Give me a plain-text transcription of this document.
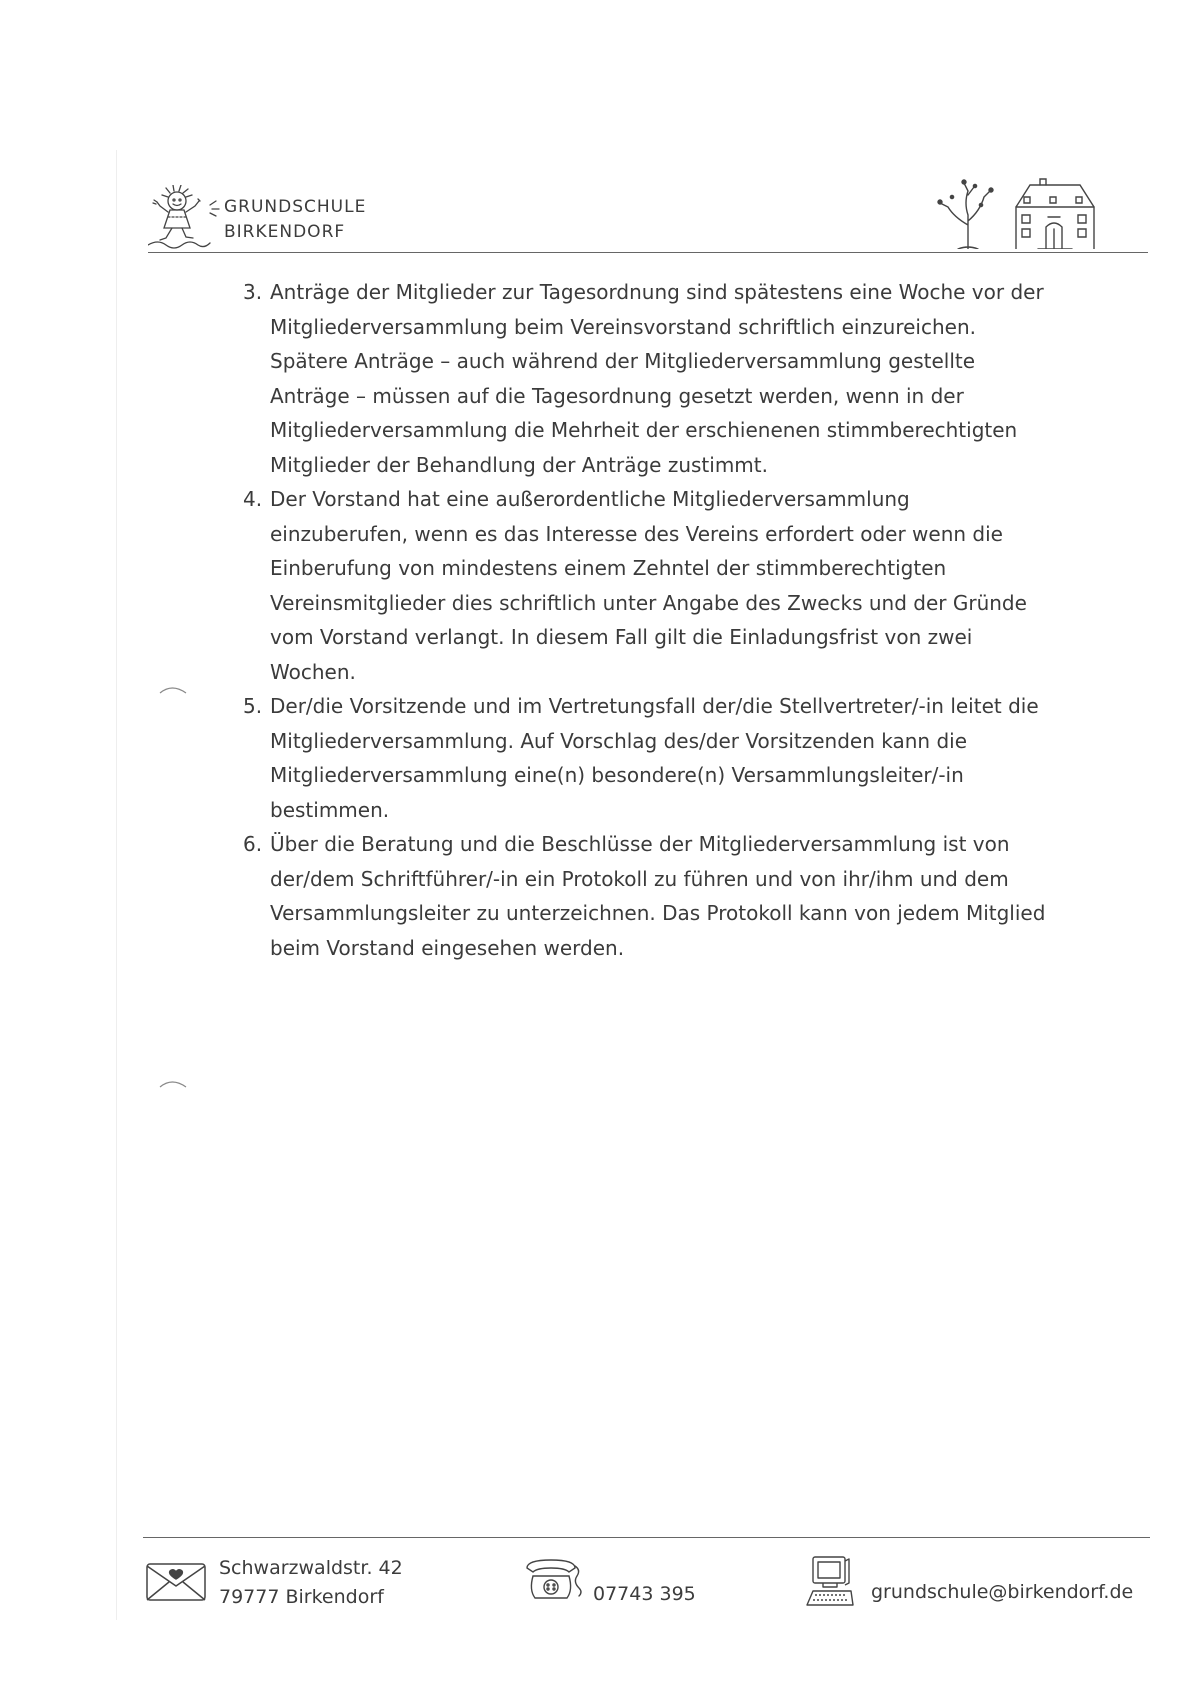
GRUNDSCHULE
BIRKENDORF
3. Anträge der Mitglieder zur Tagesordnung sind spätestens eine Woche vor der
Mitgliederversammlung beim Vereinsvorstand schriftlich einzureichen.
Spätere Anträge – auch während der Mitgliederversammlung gestellte
Anträge – müssen auf die Tagesordnung gesetzt werden, wenn in der
Mitgliederversammlung die Mehrheit der erschienenen stimmberechtigten
Mitglieder der Behandlung der Anträge zustimmt.
4. Der Vorstand hat eine außerordentliche Mitgliederversammlung
einzuberufen, wenn es das Interesse des Vereins erfordert oder wenn die
Einberufung von mindestens einem Zehntel der stimmberechtigten
Vereinsmitglieder dies schriftlich unter Angabe des Zwecks und der Gründe
vom Vorstand verlangt. In diesem Fall gilt die Einladungsfrist von zwei
Wochen.
5. Der/die Vorsitzende und im Vertretungsfall der/die Stellvertreter/-in leitet die
Mitgliederversammlung. Auf Vorschlag des/der Vorsitzenden kann die
Mitgliederversammlung eine(n) besondere(n) Versammlungsleiter/-in
bestimmen.
6. Über die Beratung und die Beschlüsse der Mitgliederversammlung ist von
der/dem Schriftführer/-in ein Protokoll zu führen und von ihr/ihm und dem
Versammlungsleiter zu unterzeichnen. Das Protokoll kann von jedem Mitglied
beim Vorstand eingesehen werden.
Schwarzwaldstr. 42
79777 Birkendorf	07743 395	grundschule@birkendorf.de
